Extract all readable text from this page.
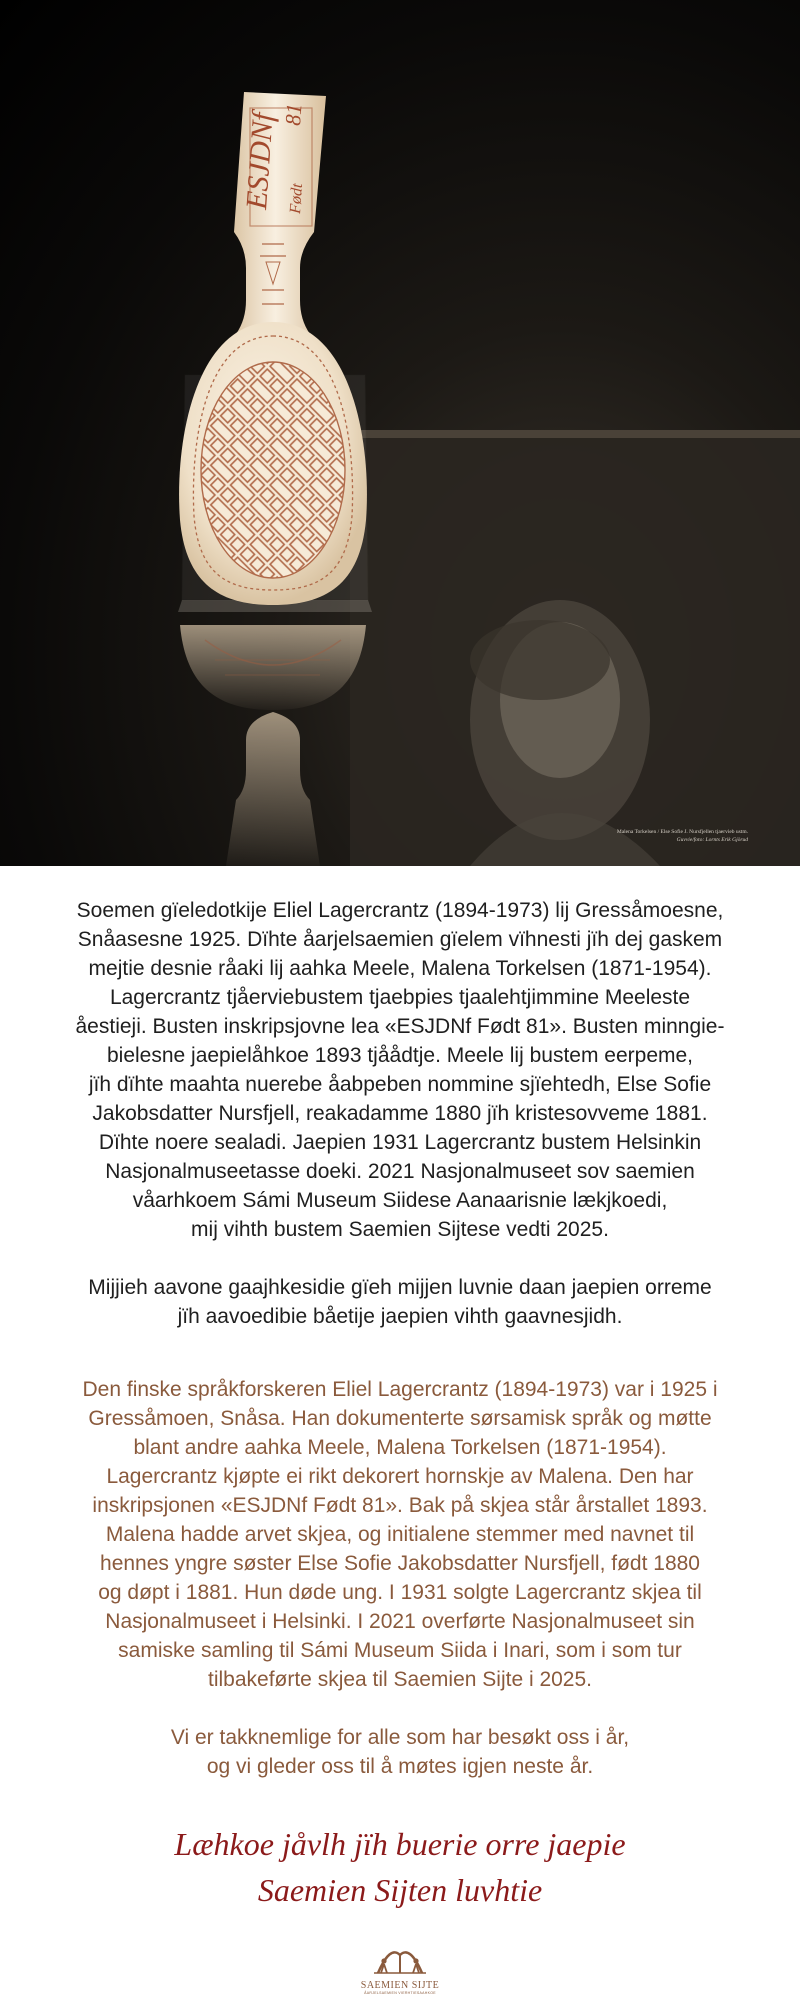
ESJDNf 81
Født
Malena Torkelsen / Else Sofie J. Nursfjellen tjaervieb ustm.
Guvvie/foto: Lornts Erik Gjörud
Soemen gïeledotkije Eliel Lagercrantz (1894-1973) lij Gressåmoesne,
Snåasesne 1925. Dïhte åarjelsaemien gïelem vïhnesti jïh dej gaskem
mejtie desnie råaki lij aahka Meele, Malena Torkelsen (1871-1954).
Lagercrantz tjåerviebustem tjaebpies tjaalehtjimmine Meeleste
åestieji. Busten inskripsjovne lea «ESJDNf Født 81». Busten minngie-
bielesne jaepielåhkoe 1893 tjåådtje. Meele lij bustem eerpeme,
jïh dïhte maahta nuerebe åabpeben nommine sjïehtedh, Else Sofie
Jakobsdatter Nursfjell, reakadamme 1880 jïh kristesovveme 1881.
Dïhte noere sealadi. Jaepien 1931 Lagercrantz bustem Helsinkin
Nasjonalmuseetasse doeki. 2021 Nasjonalmuseet sov saemien
våarhkoem Sámi Museum Siidese Aanaarisnie lækjkoedi,
mij vihth bustem Saemien Sijtese vedti 2025.
Mijjieh aavone gaajhkesidie gïeh mijjen luvnie daan jaepien orreme
jïh aavoedibie båetije jaepien vihth gaavnesjidh.
Den finske språkforskeren Eliel Lagercrantz (1894-1973) var i 1925 i
Gressåmoen, Snåsa. Han dokumenterte sørsamisk språk og møtte
blant andre aahka Meele, Malena Torkelsen (1871-1954).
Lagercrantz kjøpte ei rikt dekorert hornskje av Malena. Den har
inskripsjonen «ESJDNf Født 81». Bak på skjea står årstallet 1893.
Malena hadde arvet skjea, og initialene stemmer med navnet til
hennes yngre søster Else Sofie Jakobsdatter Nursfjell, født 1880
og døpt i 1881. Hun døde ung. I 1931 solgte Lagercrantz skjea til
Nasjonalmuseet i Helsinki. I 2021 overførte Nasjonalmuseet sin
samiske samling til Sámi Museum Siida i Inari, som i som tur
tilbakeførte skjea til Saemien Sijte i 2025.
Vi er takknemlige for alle som har besøkt oss i år,
og vi gleder oss til å møtes igjen neste år.
Læhkoe jåvlh jïh buerie orre jaepie
Saemien Sijten luvhtie
SAEMIEN SIJTE
ÅARJELSAEMIEN VIERHTIESAAHKOE
